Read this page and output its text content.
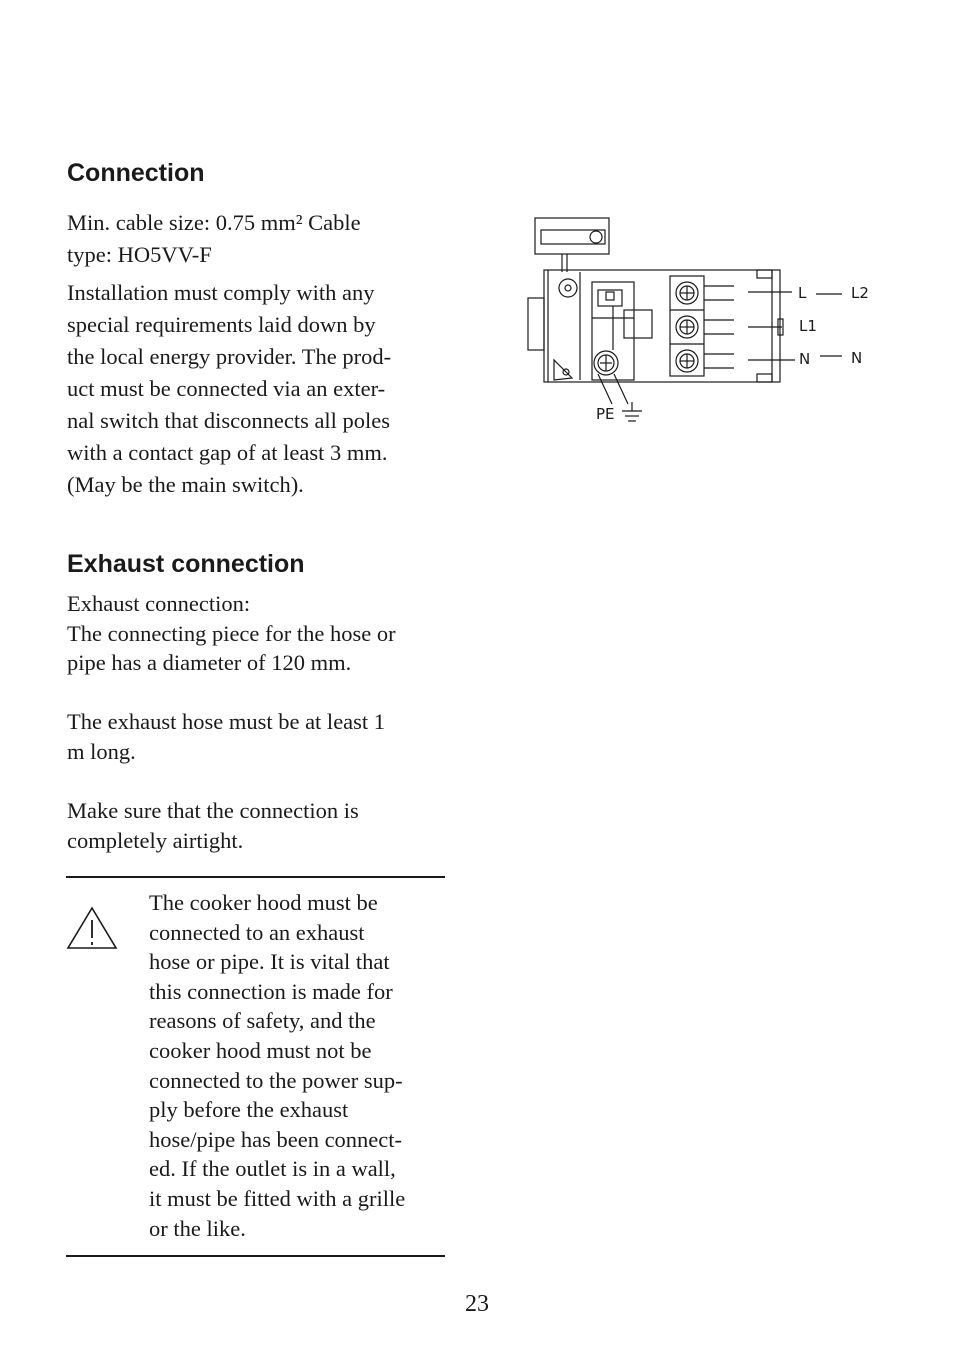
Connection

Min. cable size: 0.75 mm² Cable
type: HO5VV-F

Installation must comply with any
special requirements laid down by
the local energy provider. The prod-
uct must be connected via an exter-
nal switch that disconnects all poles
with a contact gap of at least 3 mm.
(May be the main switch).

L	L2
L1
N	N
PE
Exhaust connection

Exhaust connection:
The connecting piece for the hose or
pipe has a diameter of 120 mm.

The exhaust hose must be at least 1
m long.

Make sure that the connection is
completely airtight.

The cooker hood must be
connected to an exhaust
hose or pipe. It is vital that
this connection is made for
reasons of safety, and the
cooker hood must not be
connected to the power sup-
ply before the exhaust
hose/pipe has been connect-
ed. If the outlet is in a wall,
it must be fitted with a grille
or the like.

23
